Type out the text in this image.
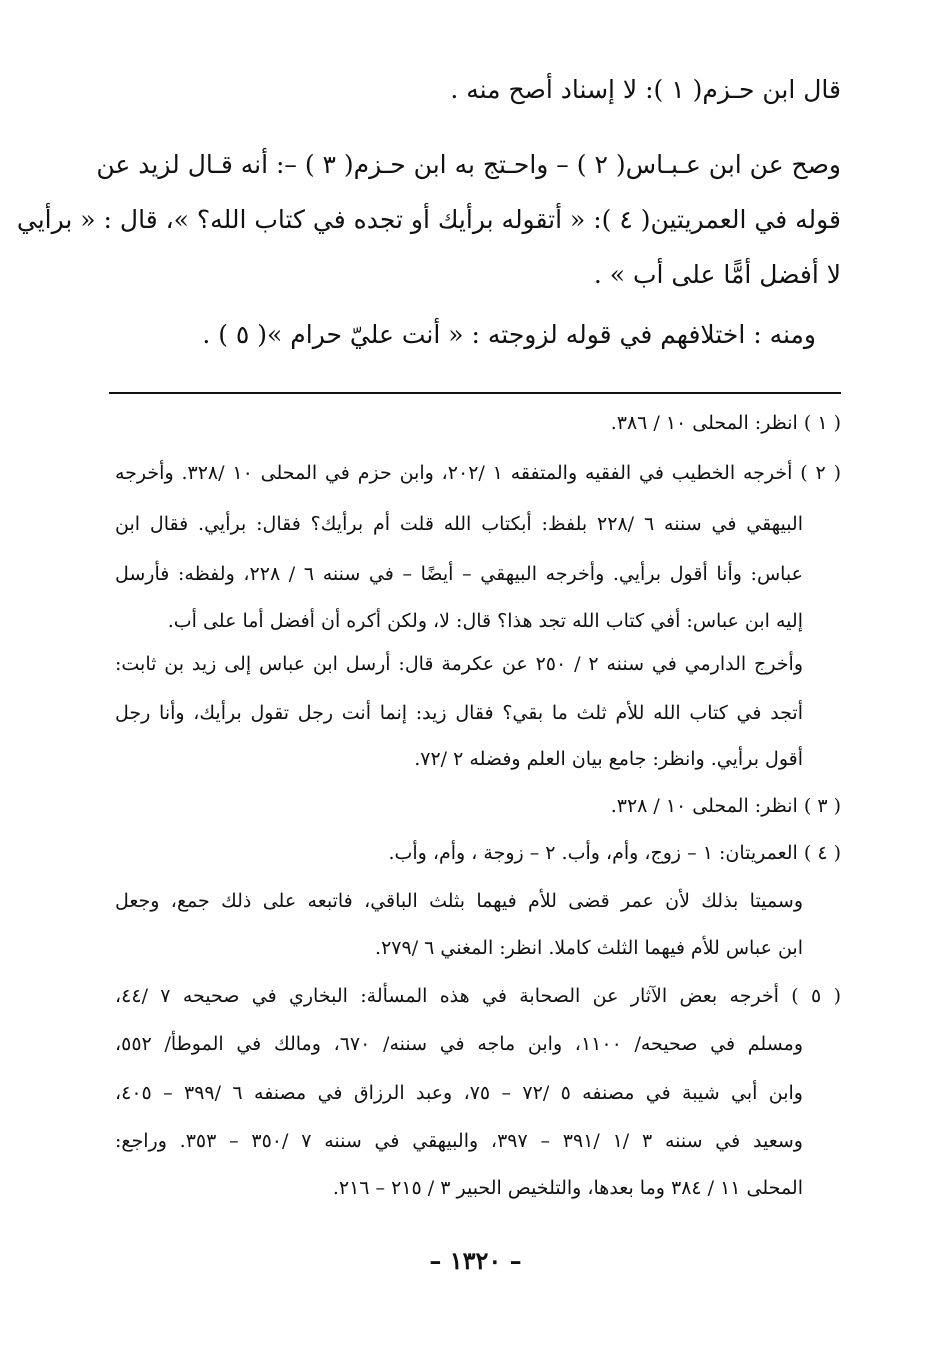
قال ابن حـزم( ١ ): لا إسناد أصح منه .
وصح عن ابن عـبـاس( ٢ ) – واحـتج به ابن حـزم( ٣ ) –: أنه قـال لزيد عن
قوله في العمريتين( ٤ ): « أتقوله برأيك أو تجده في كتاب الله؟ »، قال : « برأيي
لا أفضل أمًّا على أب » .
ومنه : اختلافهم في قوله لزوجته : « أنت عليّ حرام »( ٥ ) .
( ١ ) انظر: المحلى ١٠ / ٣٨٦.
( ٢ ) أخرجه الخطيب في الفقيه والمتفقه ١ /٢٠٢، وابن حزم في المحلى ١٠ /٣٢٨. وأخرجه
البيهقي في سننه ٦ /٢٢٨ بلفظ: أبكتاب الله قلت أم برأيك؟ فقال: برأيي. فقال ابن
عباس: وأنا أقول برأيي. وأخرجه البيهقي – أيضًا – في سننه ٦ / ٢٢٨، ولفظه: فأرسل
إليه ابن عباس: أفي كتاب الله تجد هذا؟ قال: لا، ولكن أكره أن أفضل أما على أب.
وأخرج الدارمي في سننه ٢ / ٢٥٠ عن عكرمة قال: أرسل ابن عباس إلى زيد بن ثابت:
أتجد في كتاب الله للأم ثلث ما بقي؟ فقال زيد: إنما أنت رجل تقول برأيك، وأنا رجل
أقول برأيي. وانظر: جامع بيان العلم وفضله ٢ /٧٢.
( ٣ ) انظر: المحلى ١٠ / ٣٢٨.
( ٤ ) العمريتان: ١ – زوج، وأم، وأب. ٢ – زوجة ، وأم، وأب.
وسميتا بذلك لأن عمر قضى للأم فيهما بثلث الباقي، فاتبعه على ذلك جمع، وجعل
ابن عباس للأم فيهما الثلث كاملا. انظر: المغني ٦ /٢٧٩.
( ٥ ) أخرجه بعض الآثار عن الصحابة في هذه المسألة: البخاري في صحيحه ٧ /٤٤،
ومسلم في صحيحه/ ١١٠٠، وابن ماجه في سننه/ ٦٧٠، ومالك في الموطأ/ ٥٥٢،
وابن أبي شيبة في مصنفه ٥ /٧٢ – ٧٥، وعبد الرزاق في مصنفه ٦ /٣٩٩ – ٤٠٥،
وسعيد في سننه ٣ /١ /٣٩١ – ٣٩٧، والبيهقي في سننه ٧ /٣٥٠ – ٣٥٣. وراجع:
المحلى ١١ / ٣٨٤ وما بعدها، والتلخيص الحبير ٣ / ٢١٥ – ٢١٦.
– ١٣٢٠ –
